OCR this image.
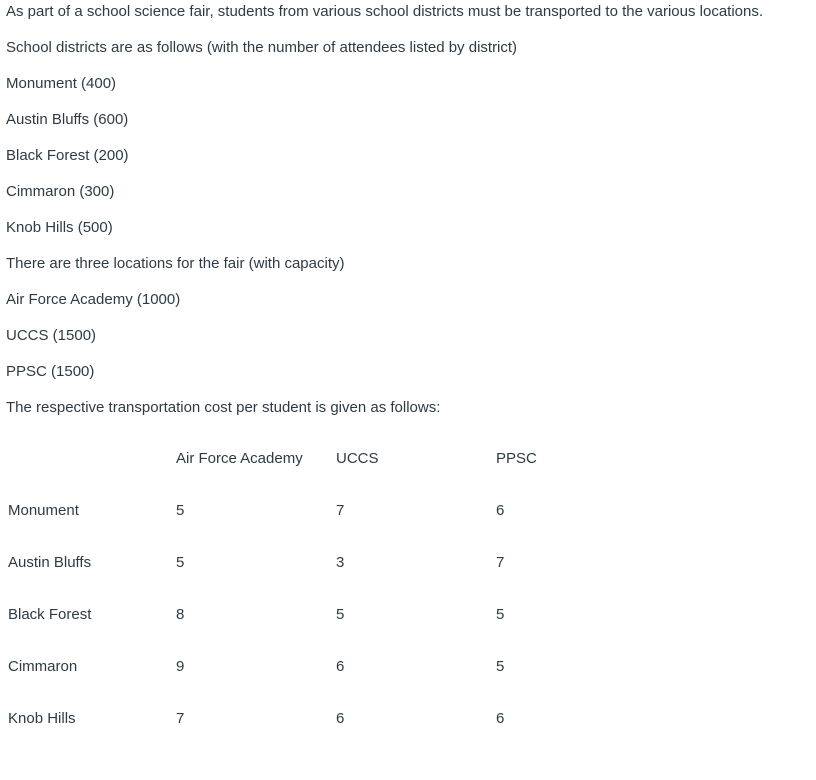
As part of a school science fair, students from various school districts must be transported to the various locations.

School districts are as follows (with the number of attendees listed by district)

Monument (400)

Austin Bluffs (600)

Black Forest (200)

Cimmaron (300)

Knob Hills (500)

There are three locations for the fair (with capacity)

Air Force Academy (1000)

UCCS (1500)

PPSC (1500)

The respective transportation cost per student is given as follows:

	Air Force Academy	UCCS	PPSC
Monument	5	7	6
Austin Bluffs	5	3	7
Black Forest	8	5	5
Cimmaron	9	6	5
Knob Hills	7	6	6
